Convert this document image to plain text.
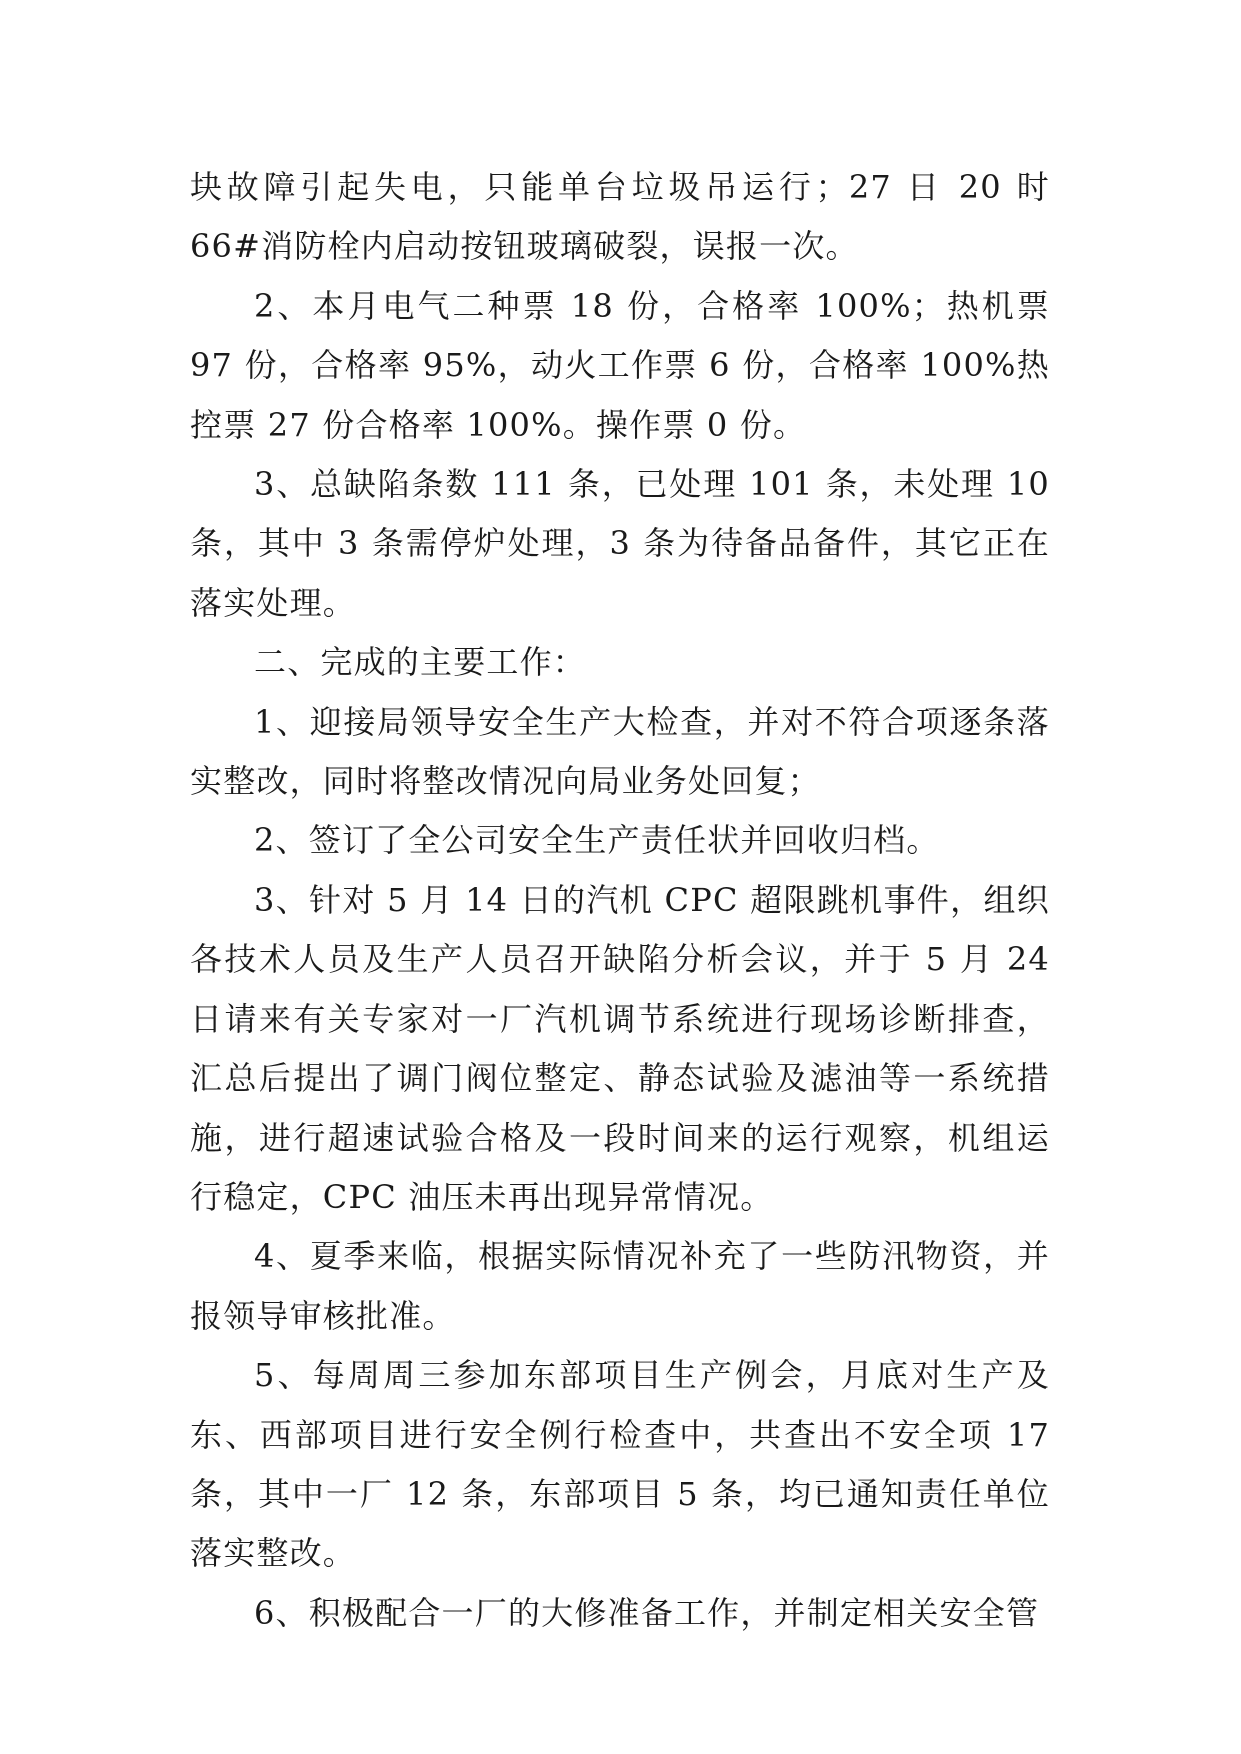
块故障引起失电，只能单台垃圾吊运行；27 日 20 时 66#消防栓内启动按钮玻璃破裂，误报一次。

2、本月电气二种票 18 份，合格率 100%；热机票 97 份，合格率 95%，动火工作票 6 份，合格率 100%热控票 27 份合格率 100%。操作票 0 份。

3、总缺陷条数 111 条，已处理 101 条，未处理 10 条，其中 3 条需停炉处理，3 条为待备品备件，其它正在落实处理。

二、完成的主要工作：

1、迎接局领导安全生产大检查，并对不符合项逐条落实整改，同时将整改情况向局业务处回复；

2、签订了全公司安全生产责任状并回收归档。

3、针对 5 月 14 日的汽机 CPC 超限跳机事件，组织各技术人员及生产人员召开缺陷分析会议，并于 5 月 24 日请来有关专家对一厂汽机调节系统进行现场诊断排查，汇总后提出了调门阀位整定、静态试验及滤油等一系统措施，进行超速试验合格及一段时间来的运行观察，机组运行稳定，CPC 油压未再出现异常情况。

4、夏季来临，根据实际情况补充了一些防汛物资，并报领导审核批准。

5、每周周三参加东部项目生产例会，月底对生产及东、西部项目进行安全例行检查中，共查出不安全项 17 条，其中一厂 12 条，东部项目 5 条，均已通知责任单位落实整改。

6、积极配合一厂的大修准备工作，并制定相关安全管
